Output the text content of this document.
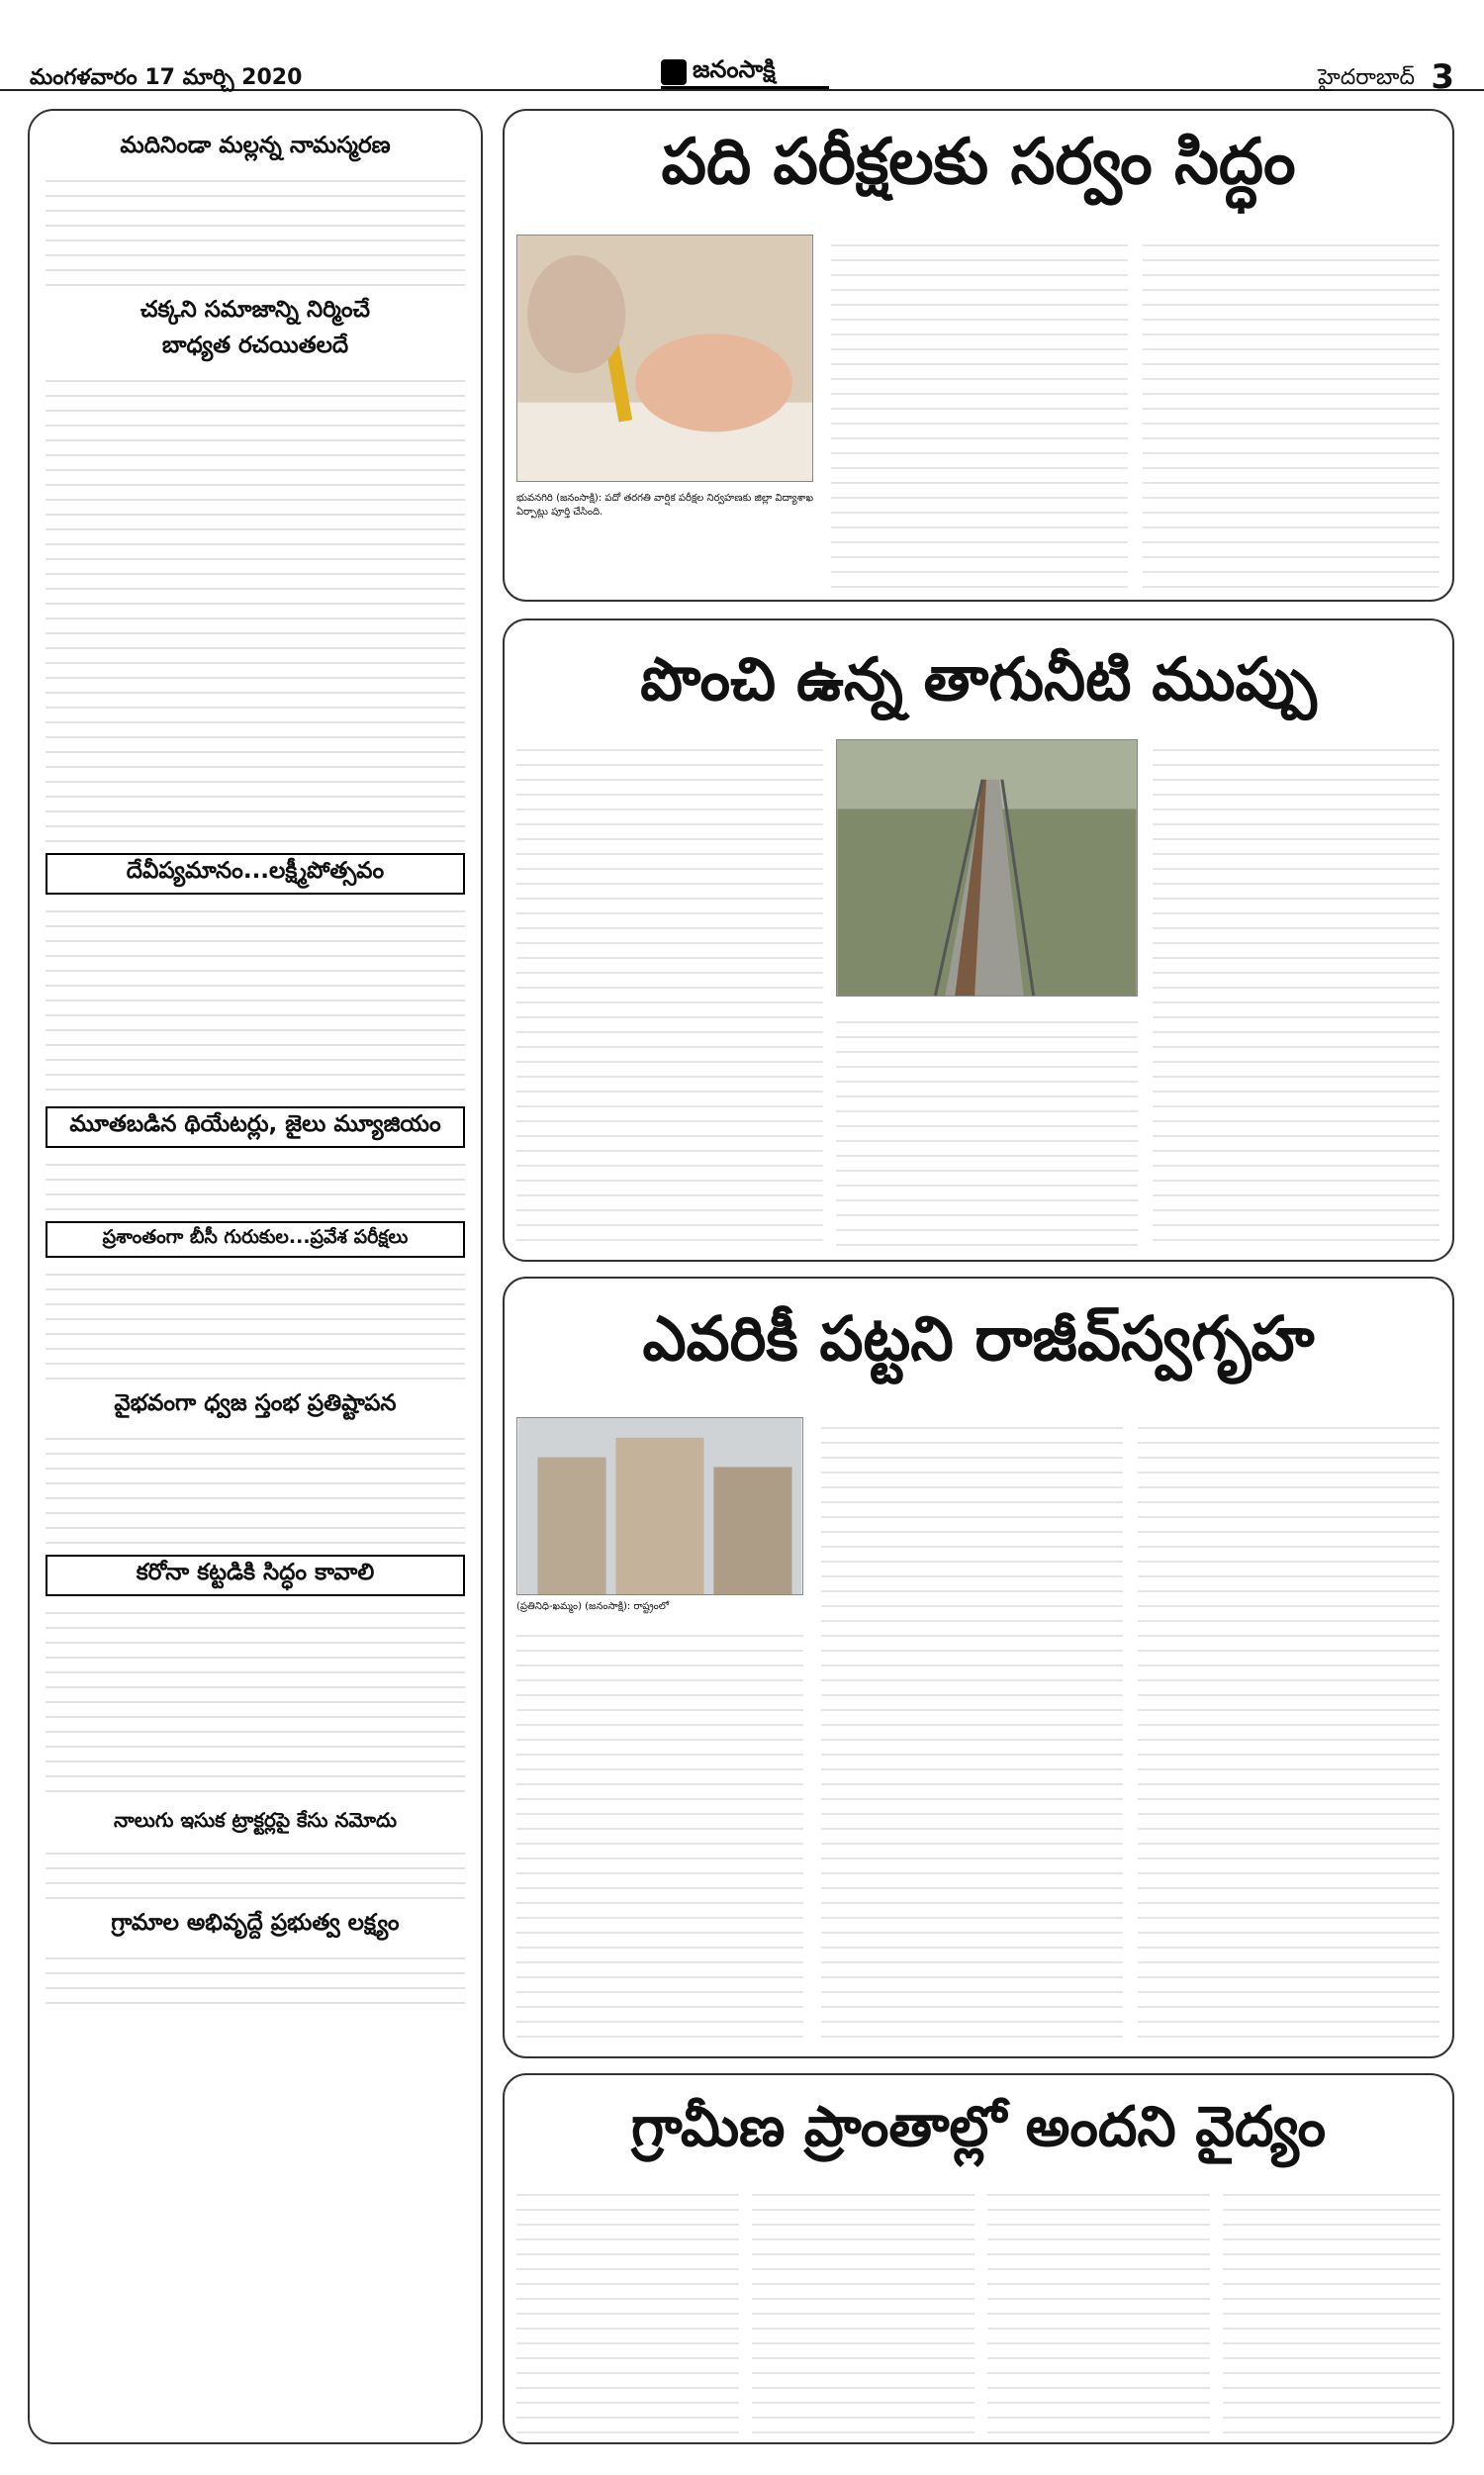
మంగళవారం 17 మార్చి 2020	జనంసాక్షి	హైదరాబాద్ 3
మదినిండా మల్లన్న నామస్మరణ
చక్కని సమాజాన్ని నిర్మించే
బాధ్యత రచయితలదే
దేవీప్యమానం...లక్ష్మీపోత్సవం
మూతబడిన థియేటర్లు, జైలు మ్యూజియం
ప్రశాంతంగా బీసీ గురుకుల...ప్రవేశ పరీక్షలు
వైభవంగా ధ్వజ స్తంభ ప్రతిష్టాపన
కరోనా కట్టడికి సిద్ధం కావాలి
నాలుగు ఇసుక ట్రాక్టర్లపై కేసు నమోదు
గ్రామాల అభివృద్దే ప్రభుత్వ లక్ష్యం
పది పరీక్షలకు సర్వం సిద్ధం
భువనగిరి (జనంసాక్షి): పదో తరగతి వార్షిక పరీక్షల నిర్వహణకు జిల్లా విద్యాశాఖ ఏర్పాట్లు పూర్తి చేసింది.
పొంచి ఉన్న తాగునీటి ముప్పు
ఎవరికీ పట్టని రాజీవ్‌స్వగృహ
(ప్రతినిధి-ఖమ్మం) (జనంసాక్షి): రాష్ట్రంలో
గ్రామీణ ప్రాంతాల్లో అందని వైద్యం
